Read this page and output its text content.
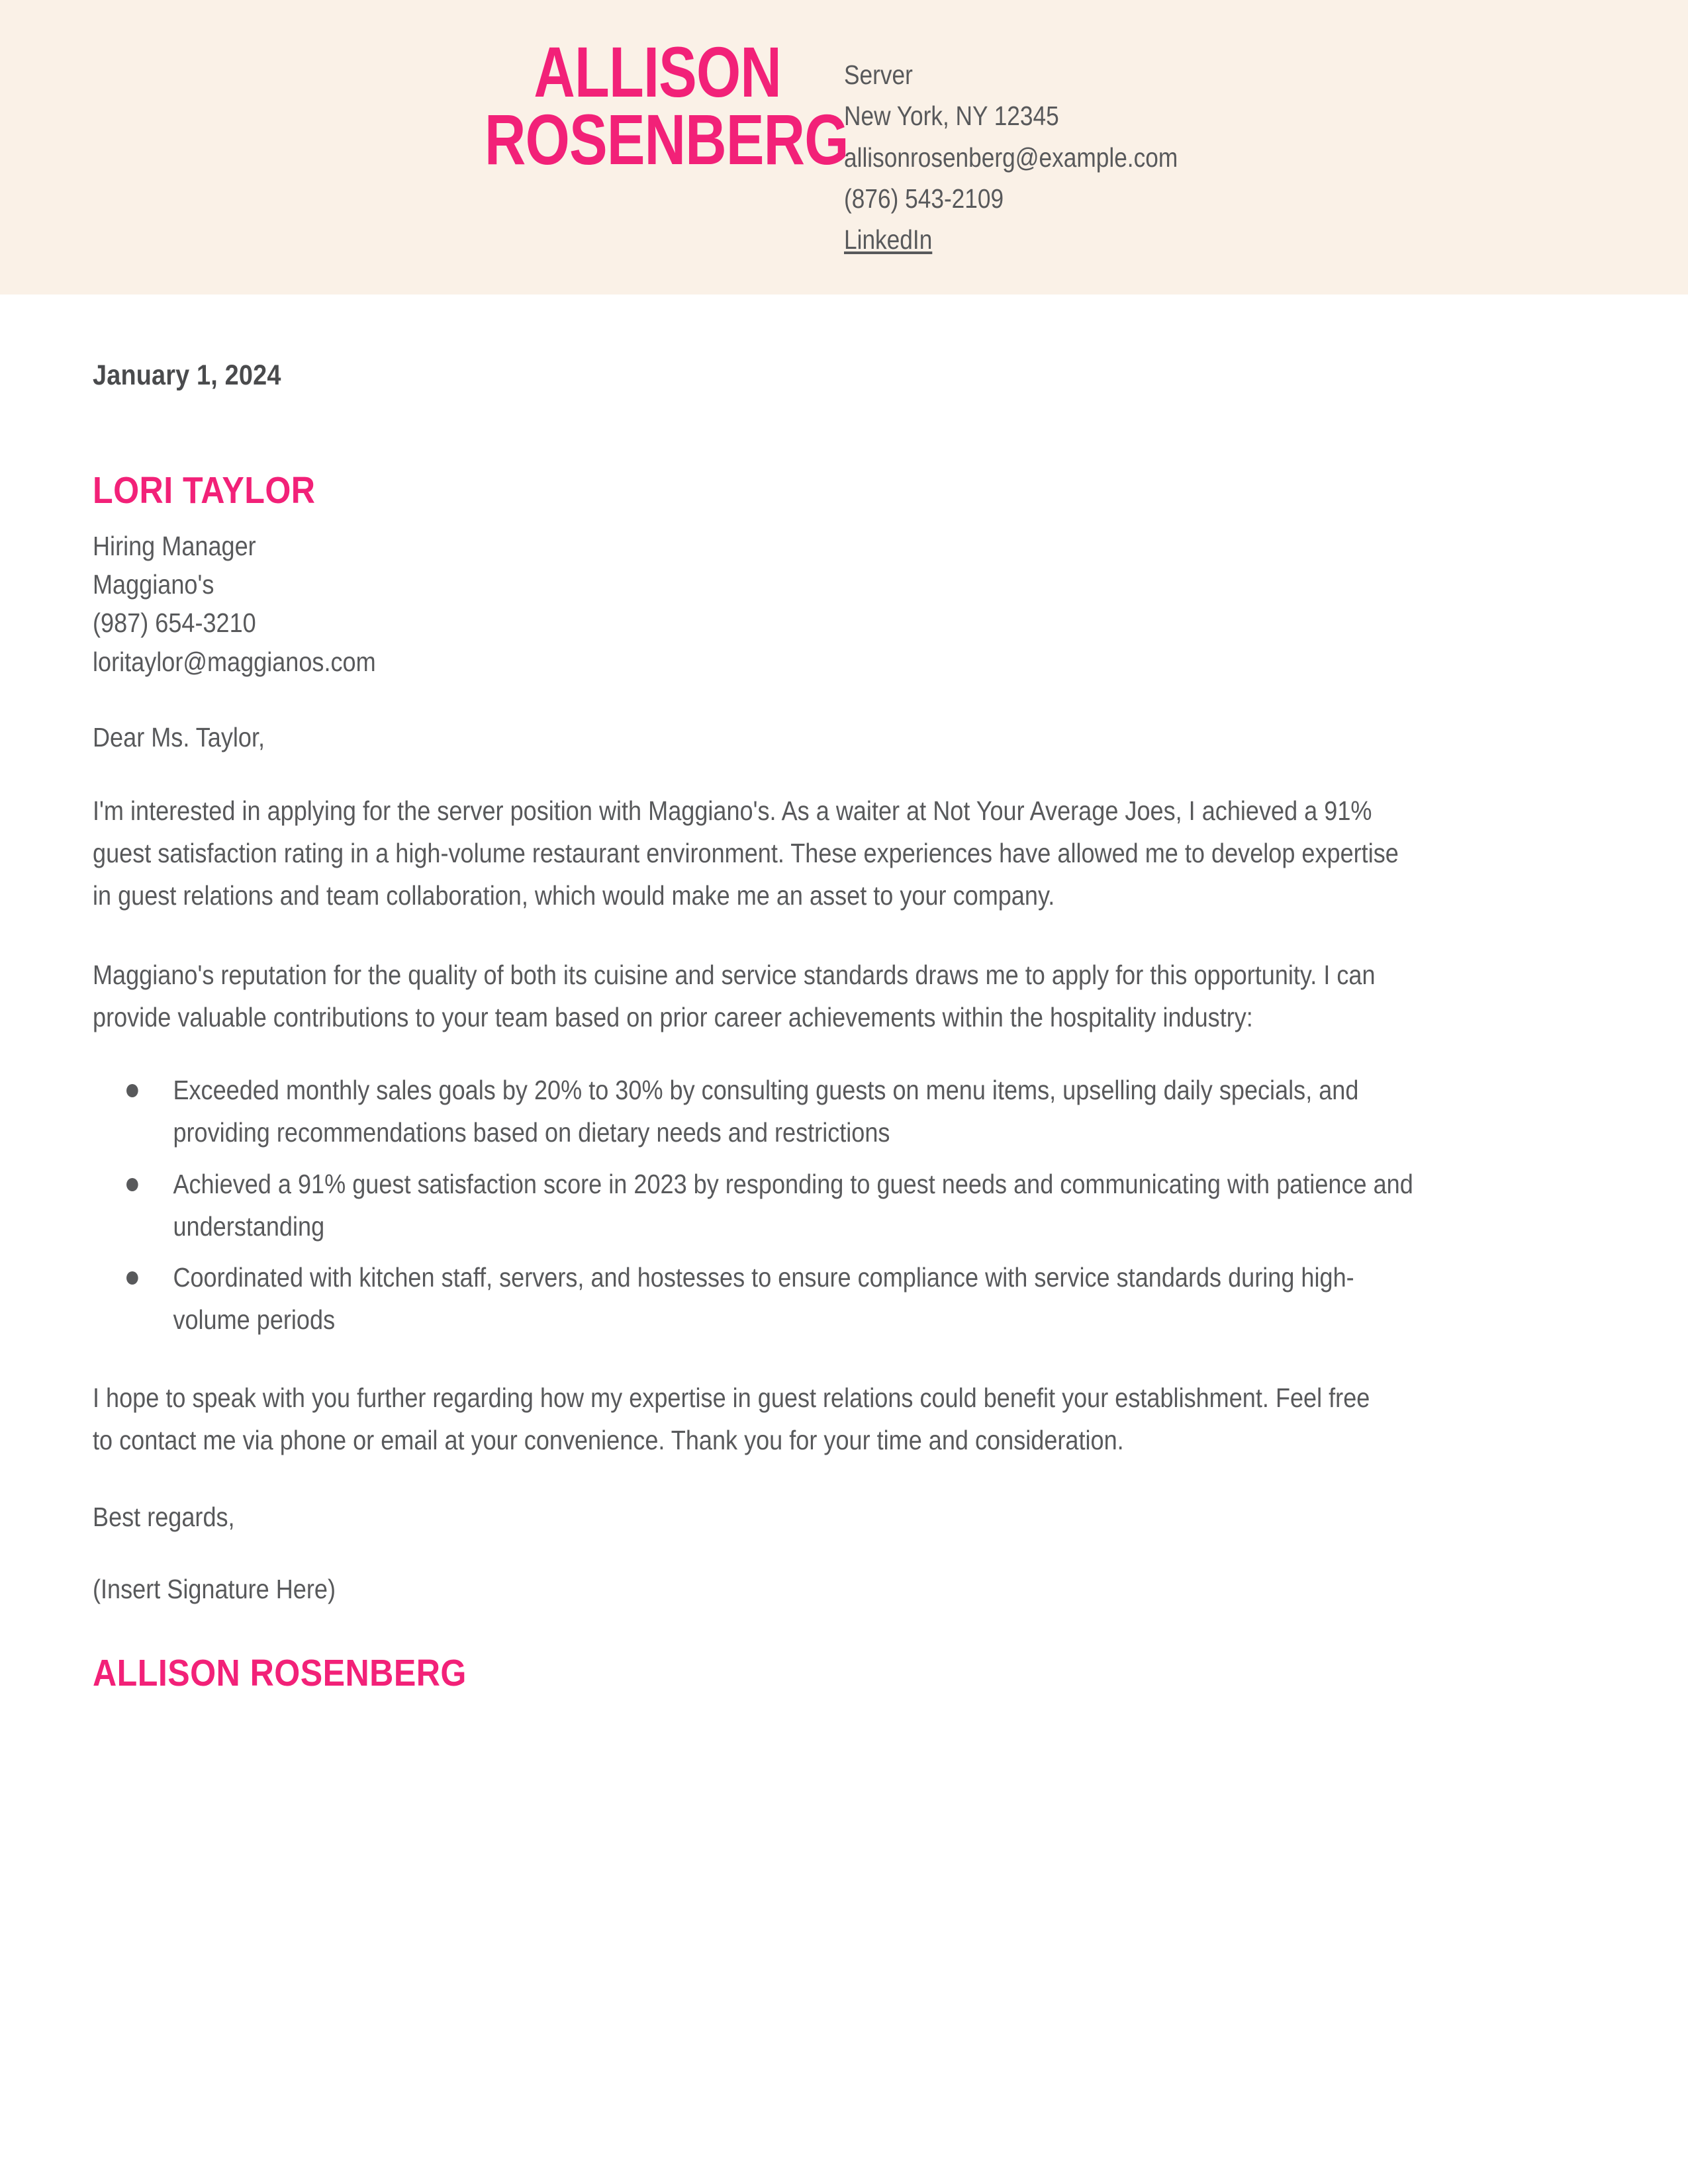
ALLISON
ROSENBERG
Server
New York, NY 12345
allisonrosenberg@example.com
(876) 543-2109
LinkedIn
January 1, 2024
LORI TAYLOR
Hiring Manager
Maggiano's
(987) 654-3210
loritaylor@maggianos.com
Dear Ms. Taylor,
I'm interested in applying for the server position with Maggiano's. As a waiter at Not Your Average Joes, I achieved a 91% guest satisfaction rating in a high-volume restaurant environment. These experiences have allowed me to develop expertise in guest relations and team collaboration, which would make me an asset to your company.
Maggiano's reputation for the quality of both its cuisine and service standards draws me to apply for this opportunity. I can provide valuable contributions to your team based on prior career achievements within the hospitality industry:
Exceeded monthly sales goals by 20% to 30% by consulting guests on menu items, upselling daily specials, and providing recommendations based on dietary needs and restrictions
Achieved a 91% guest satisfaction score in 2023 by responding to guest needs and communicating with patience and understanding
Coordinated with kitchen staff, servers, and hostesses to ensure compliance with service standards during high-volume periods
I hope to speak with you further regarding how my expertise in guest relations could benefit your establishment. Feel free to contact me via phone or email at your convenience. Thank you for your time and consideration.
Best regards,
(Insert Signature Here)
ALLISON ROSENBERG
